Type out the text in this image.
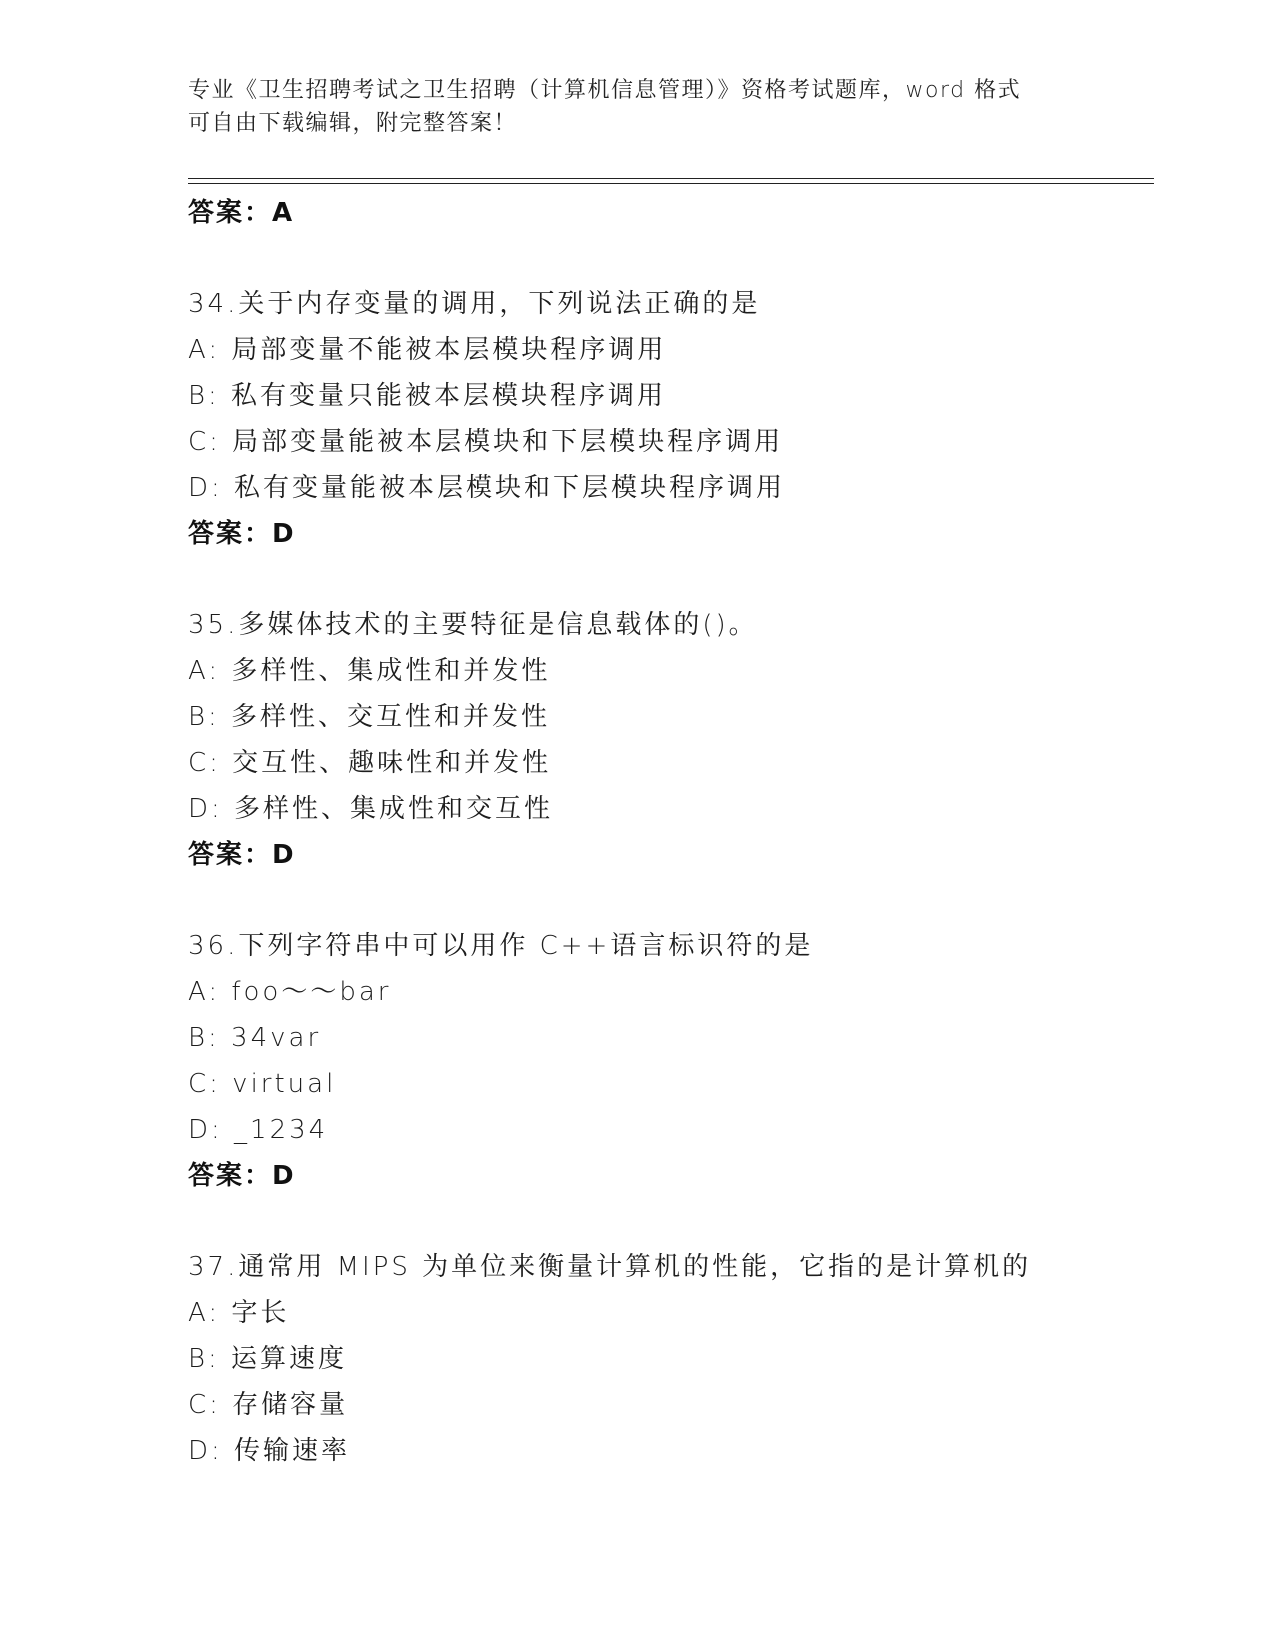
专业《卫生招聘考试之卫生招聘（计算机信息管理）》资格考试题库，word 格式
可自由下载编辑，附完整答案！
答案：A
34.关于内存变量的调用，下列说法正确的是
A: 局部变量不能被本层模块程序调用
B: 私有变量只能被本层模块程序调用
C: 局部变量能被本层模块和下层模块程序调用
D: 私有变量能被本层模块和下层模块程序调用
答案：D
35.多媒体技术的主要特征是信息载体的()。
A: 多样性、集成性和并发性
B: 多样性、交互性和并发性
C: 交互性、趣味性和并发性
D: 多样性、集成性和交互性
答案：D
36.下列字符串中可以用作 C++语言标识符的是
A: foo～～bar
B: 34var
C: virtual
D: _1234
答案：D
37.通常用 MIPS 为单位来衡量计算机的性能，它指的是计算机的
A: 字长
B: 运算速度
C: 存储容量
D: 传输速率
